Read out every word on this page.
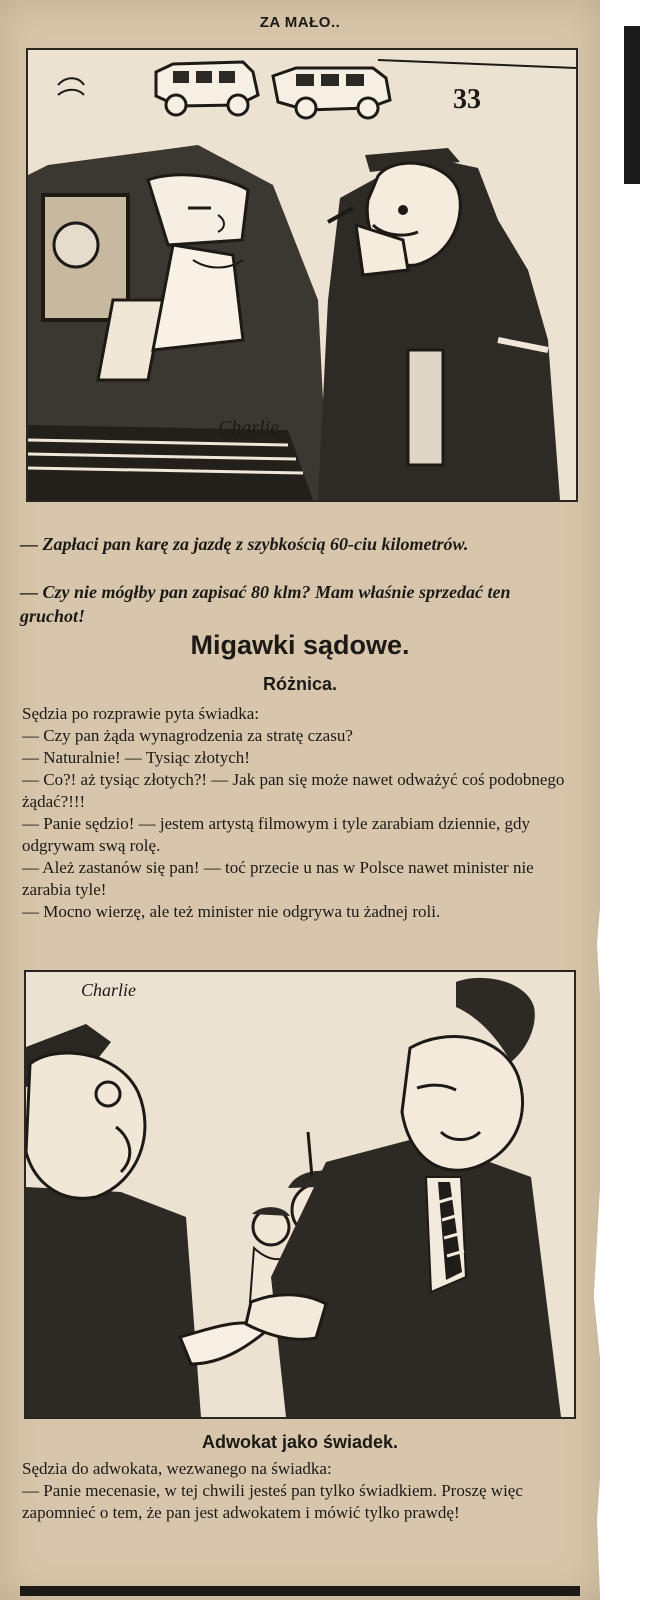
ZA MAŁO..
33
Charlie

— Zapłaci pan karę za jazdę z szybkością 60-ciu kilometrów.

— Czy nie mógłby pan zapisać 80 klm? Mam właśnie sprzedać ten gruchot!

Migawki sądowe.
Różnica.
Sędzia po rozprawie pyta świadka:
— Czy pan żąda wynagrodzenia za stratę czasu?
— Naturalnie! — Tysiąc złotych!
— Co?! aż tysiąc złotych?! — Jak pan się może nawet odważyć coś podobnego żądać?!!!
— Panie sędzio! — jestem artystą filmowym i tyle zarabiam dziennie, gdy odgrywam swą rolę.
— Ależ zastanów się pan! — toć przecie u nas w Polsce nawet minister nie zarabia tyle!
— Mocno wierzę, ale też minister nie odgrywa tu żadnej roli.
Charlie
Adwokat jako świadek.
Sędzia do adwokata, wezwanego na świadka:
— Panie mecenasie, w tej chwili jesteś pan tylko świadkiem. Proszę więc zapomnieć o tem, że pan jest adwokatem i mówić tylko prawdę!
